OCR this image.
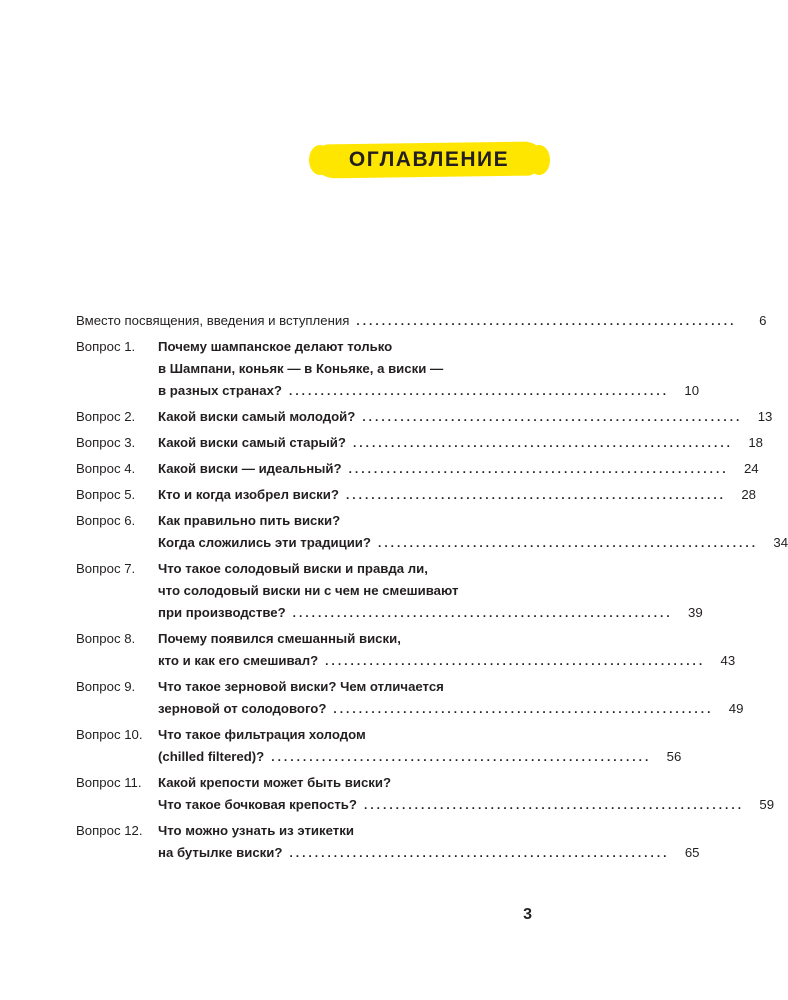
ОГЛАВЛЕНИЕ
Вместо посвящения, введения и вступления ............................................................	6
Вопрос 1.	Почему шампанское делают только
в Шампани, коньяк — в Коньяке, а виски —
в разных странах? ............................................................	10
Вопрос 2.	Какой виски самый молодой? ............................................................	13
Вопрос 3.	Какой виски самый старый? ............................................................	18
Вопрос 4.	Какой виски — идеальный? ............................................................	24
Вопрос 5.	Кто и когда изобрел виски? ............................................................	28
Вопрос 6.	Как правильно пить виски?
Когда сложились эти традиции? ............................................................	34
Вопрос 7.	Что такое солодовый виски и правда ли,
что солодовый виски ни с чем не смешивают
при производстве? ............................................................	39
Вопрос 8.	Почему появился смешанный виски,
кто и как его смешивал? ............................................................	43
Вопрос 9.	Что такое зерновой виски? Чем отличается
зерновой от солодового? ............................................................	49
Вопрос 10.	Что такое фильтрация холодом
(chilled filtered)? ............................................................	56
Вопрос 11.	Какой крепости может быть виски?
Что такое бочковая крепость? ............................................................	59
Вопрос 12.	Что можно узнать из этикетки
на бутылке виски? ............................................................	65
3
